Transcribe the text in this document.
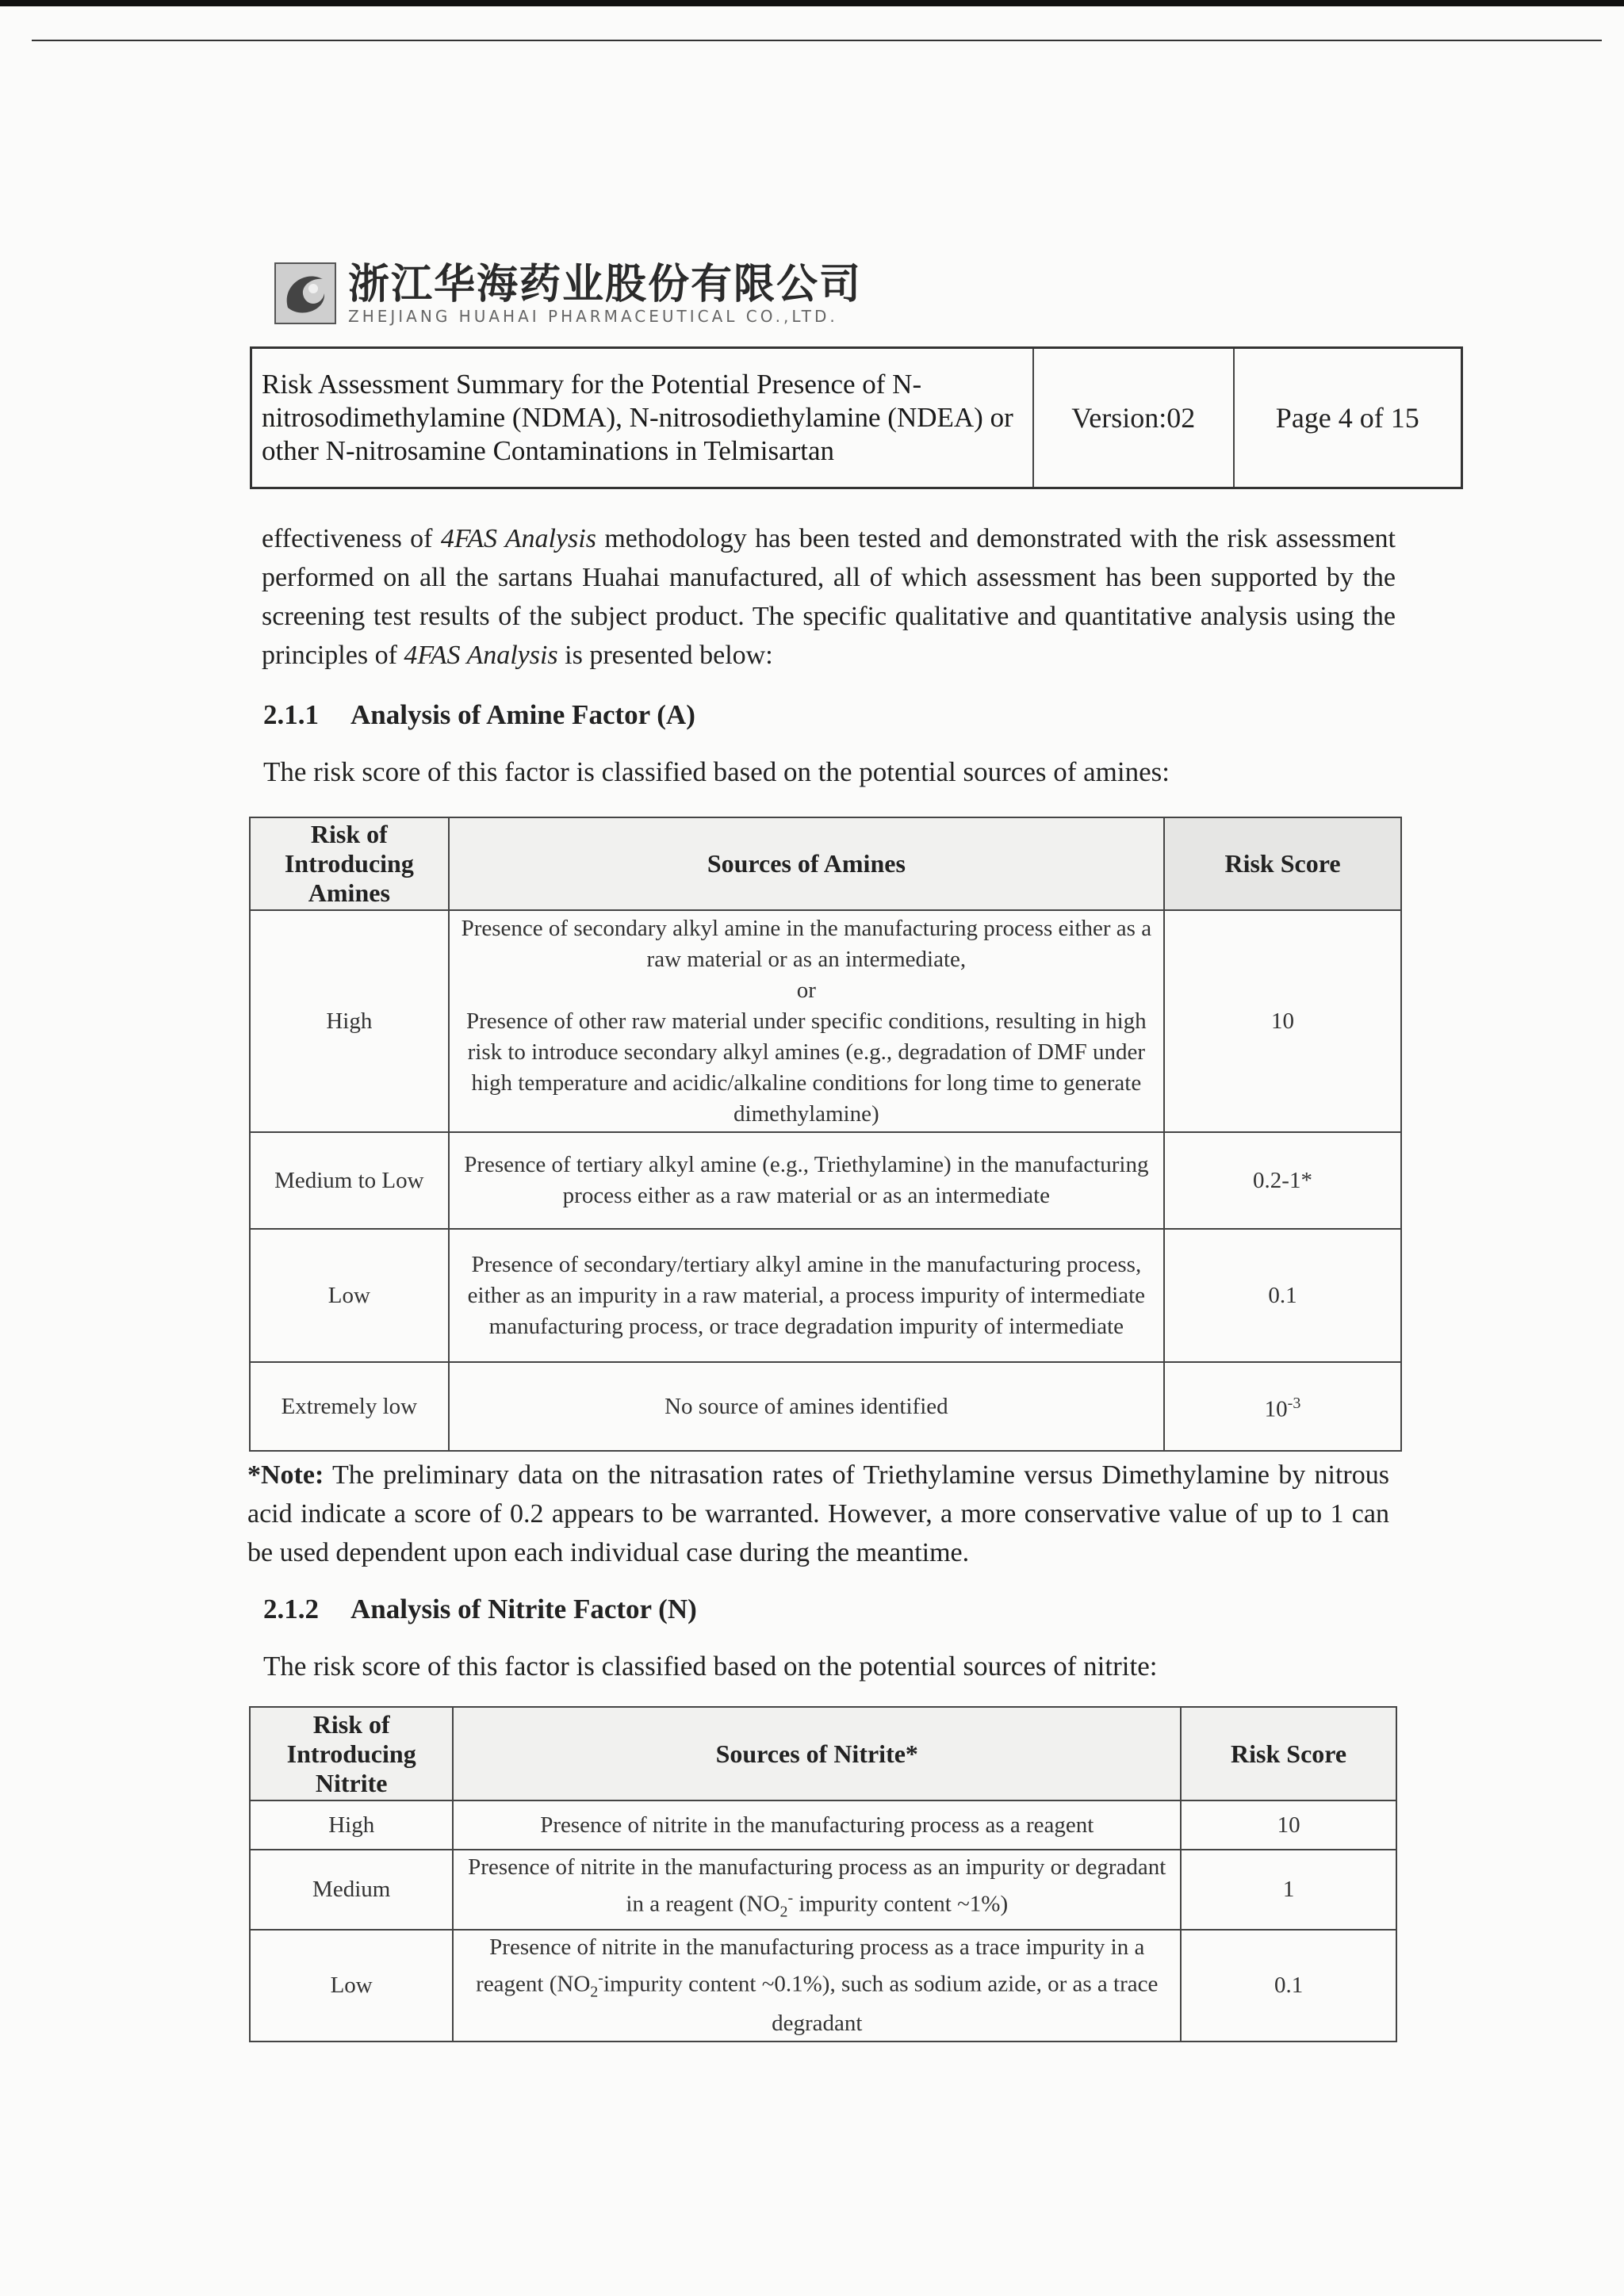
浙江华海药业股份有限公司
ZHEJIANG HUAHAI PHARMACEUTICAL CO.,LTD.
Risk Assessment Summary for the Potential Presence of N-nitrosodimethylamine (NDMA), N-nitrosodiethylamine (NDEA) or other N-nitrosamine Contaminations in Telmisartan	Version:02	Page 4 of 15

effectiveness of 4FAS Analysis methodology has been tested and demonstrated with the risk assessment performed on all the sartans Huahai manufactured, all of which assessment has been supported by the screening test results of the subject product. The specific qualitative and quantitative analysis using the principles of 4FAS Analysis is presented below:

2.1.1 Analysis of Amine Factor (A)
The risk score of this factor is classified based on the potential sources of amines:
Risk of Introducing Amines	Sources of Amines	Risk Score
High	Presence of secondary alkyl amine in the manufacturing process either as a raw material or as an intermediate,
or
Presence of other raw material under specific conditions, resulting in high risk to introduce secondary alkyl amines (e.g., degradation of DMF under high temperature and acidic/alkaline conditions for long time to generate dimethylamine)	10
Medium to Low	Presence of tertiary alkyl amine (e.g., Triethylamine) in the manufacturing process either as a raw material or as an intermediate	0.2-1*
Low	Presence of secondary/tertiary alkyl amine in the manufacturing process, either as an impurity in a raw material, a process impurity of intermediate manufacturing process, or trace degradation impurity of intermediate	0.1
Extremely low	No source of amines identified	$10^{-3}$

*Note: The preliminary data on the nitrasation rates of Triethylamine versus Dimethylamine by nitrous acid indicate a score of 0.2 appears to be warranted. However, a more conservative value of up to 1 can be used dependent upon each individual case during the meantime.

2.1.2 Analysis of Nitrite Factor (N)
The risk score of this factor is classified based on the potential sources of nitrite:
Risk of Introducing Nitrite	Sources of Nitrite*	Risk Score
High	Presence of nitrite in the manufacturing process as a reagent	10
Medium	Presence of nitrite in the manufacturing process as an impurity or degradant in a reagent ($NO_2^-$ impurity content ~1%)	1
Low	Presence of nitrite in the manufacturing process as a trace impurity in a reagent ($NO_2^-impurity$ content ~0.1%), such as sodium azide, or as a trace degradant	0.1
